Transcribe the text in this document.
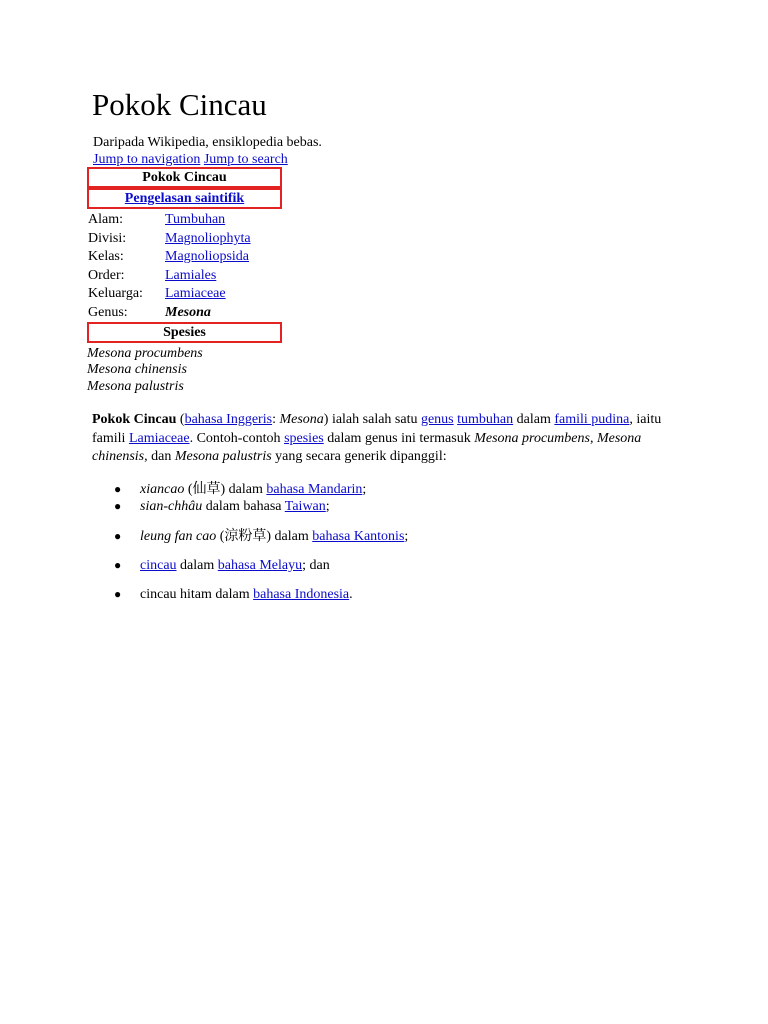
Pokok Cincau
Daripada Wikipedia, ensiklopedia bebas.
Jump to navigation Jump to search
Pokok Cincau
Pengelasan saintifik
Alam:	Tumbuhan
Divisi:	Magnoliophyta
Kelas:	Magnoliopsida
Order:	Lamiales
Keluarga: Lamiaceae
Genus:	Mesona
Spesies
Mesona procumbens
Mesona chinensis
Mesona palustris
Pokok Cincau (bahasa Inggeris: Mesona) ialah salah satu genus tumbuhan dalam famili pudina, iaitu famili Lamiaceae. Contoh-contoh spesies dalam genus ini termasuk Mesona procumbens, Mesona chinensis, dan Mesona palustris yang secara generik dipanggil:
● xiancao (仙草) dalam bahasa Mandarin;
● sian-chhâu dalam bahasa Taiwan;
● leung fan cao (涼粉草) dalam bahasa Kantonis;
● cincau dalam bahasa Melayu; dan
● cincau hitam dalam bahasa Indonesia.
